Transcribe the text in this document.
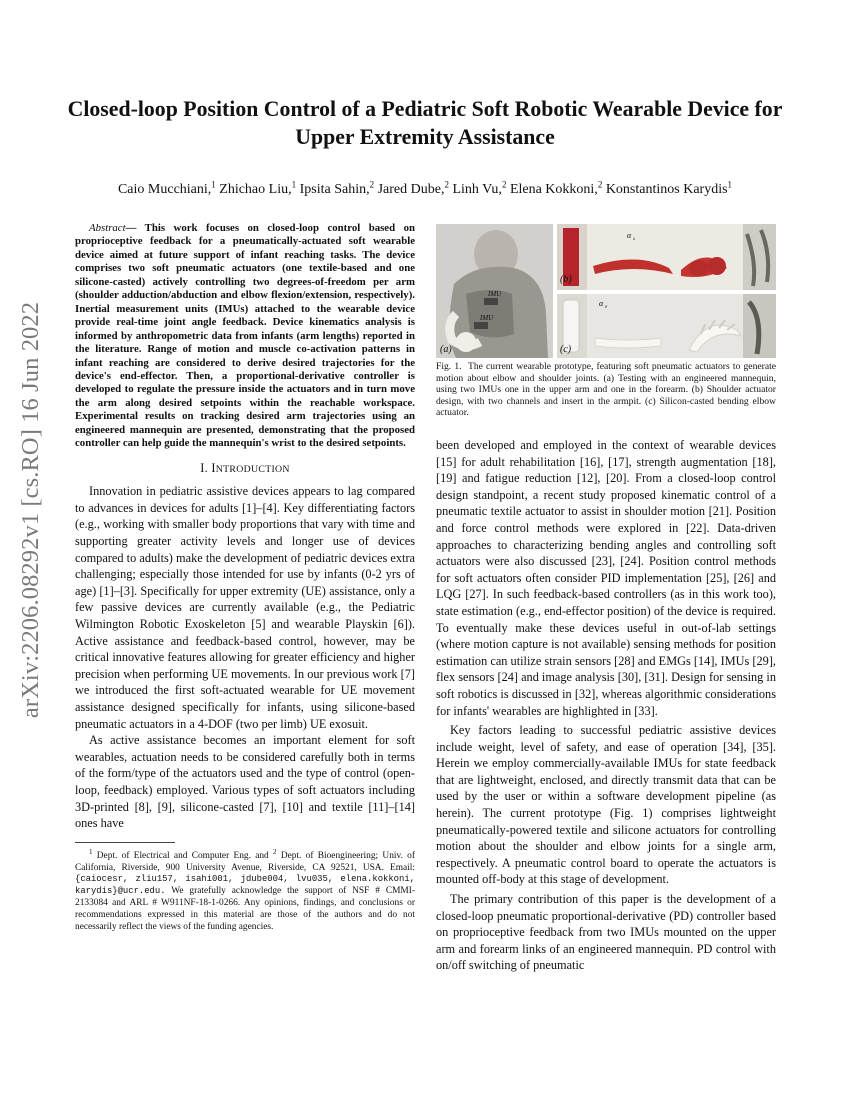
arXiv:2206.08292v1 [cs.RO] 16 Jun 2022
Closed-loop Position Control of a Pediatric Soft Robotic Wearable Device for Upper Extremity Assistance
Caio Mucchiani,$^1$ Zhichao Liu,$^1$ Ipsita Sahin,$^2$ Jared Dube,$^2$ Linh Vu,$^2$ Elena Kokkoni,$^2$ Konstantinos Karydis$^1$

Abstract— This work focuses on closed-loop control based on proprioceptive feedback for a pneumatically-actuated soft wearable device aimed at future support of infant reaching tasks. The device comprises two soft pneumatic actuators (one textile-based and one silicone-casted) actively controlling two degrees-of-freedom per arm (shoulder adduction/abduction and elbow flexion/extension, respectively). Inertial measurement units (IMUs) attached to the wearable device provide real-time joint angle feedback. Device kinematics analysis is informed by anthropometric data from infants (arm lengths) reported in the literature. Range of motion and muscle co-activation patterns in infant reaching are considered to derive desired trajectories for the device's end-effector. Then, a proportional-derivative controller is developed to regulate the pressure inside the actuators and in turn move the arm along desired setpoints within the reachable workspace. Experimental results on tracking desired arm trajectories using an engineered mannequin are presented, demonstrating that the proposed controller can help guide the mannequin's wrist to the desired setpoints.

I. INTRODUCTION

Innovation in pediatric assistive devices appears to lag compared to advances in devices for adults [1]–[4]. Key differentiating factors (e.g., working with smaller body proportions that vary with time and supporting greater activity levels and longer use of devices compared to adults) make the development of pediatric devices extra challenging; especially those intended for use by infants (0-2 yrs of age) [1]–[3]. Specifically for upper extremity (UE) assistance, only a few passive devices are currently available (e.g., the Pediatric Wilmington Robotic Exoskeleton [5] and wearable Playskin [6]). Active assistance and feedback-based control, however, may be critical innovative features allowing for greater efficiency and higher precision when performing UE movements. In our previous work [7] we introduced the first soft-actuated wearable for UE movement assistance designed specifically for infants, using silicone-based pneumatic actuators in a 4-DOF (two per limb) UE exosuit.

As active assistance becomes an important element for soft wearables, actuation needs to be considered carefully both in terms of the form/type of the actuators used and the type of control (open-loop, feedback) employed. Various types of soft actuators including 3D-printed [8], [9], silicone-casted [7], [10] and textile [11]–[14] ones have

$^1$ Dept. of Electrical and Computer Eng. and $^2$ Dept. of Bioengineering; Univ. of California, Riverside, 900 University Avenue, Riverside, CA 92521, USA. Email: {caiocesr, zliu157, isahi001, jdube004, lvu035, elena.kokkoni, karydis}@ucr.edu. We gratefully acknowledge the support of NSF # CMMI-2133084 and ARL # W911NF-18-1-0266. Any opinions, findings, and conclusions or recommendations expressed in this material are those of the authors and do not necessarily reflect the views of the funding agencies.

IMU
IMU
(a)
α s
(b)
α e
(c)
Fig. 1. The current wearable prototype, featuring soft pneumatic actuators to generate motion about elbow and shoulder joints. (a) Testing with an engineered mannequin, using two IMUs one in the upper arm and one in the forearm. (b) Shoulder actuator design, with two channels and insert in the armpit. (c) Silicon-casted bending elbow actuator.

been developed and employed in the context of wearable devices [15] for adult rehabilitation [16], [17], strength augmentation [18], [19] and fatigue reduction [12], [20]. From a closed-loop control design standpoint, a recent study proposed kinematic control of a pneumatic textile actuator to assist in shoulder motion [21]. Position and force control methods were explored in [22]. Data-driven approaches to characterizing bending angles and controlling soft actuators were also discussed [23], [24]. Position control methods for soft actuators often consider PID implementation [25], [26] and LQG [27]. In such feedback-based controllers (as in this work too), state estimation (e.g., end-effector position) of the device is required. To eventually make these devices useful in out-of-lab settings (where motion capture is not available) sensing methods for position estimation can utilize strain sensors [28] and EMGs [14], IMUs [29], flex sensors [24] and image analysis [30], [31]. Design for sensing in soft robotics is discussed in [32], whereas algorithmic considerations for infants' wearables are highlighted in [33].

Key factors leading to successful pediatric assistive devices include weight, level of safety, and ease of operation [34], [35]. Herein we employ commercially-available IMUs for state feedback that are lightweight, enclosed, and directly transmit data that can be used by the user or within a software development pipeline (as herein). The current prototype (Fig. 1) comprises lightweight pneumatically-powered textile and silicone actuators for controlling motion about the shoulder and elbow joints for a single arm, respectively. A pneumatic control board to operate the actuators is mounted off-body at this stage of development.

The primary contribution of this paper is the development of a closed-loop pneumatic proportional-derivative (PD) controller based on proprioceptive feedback from two IMUs mounted on the upper arm and forearm links of an engineered mannequin. PD control with on/off switching of pneumatic
